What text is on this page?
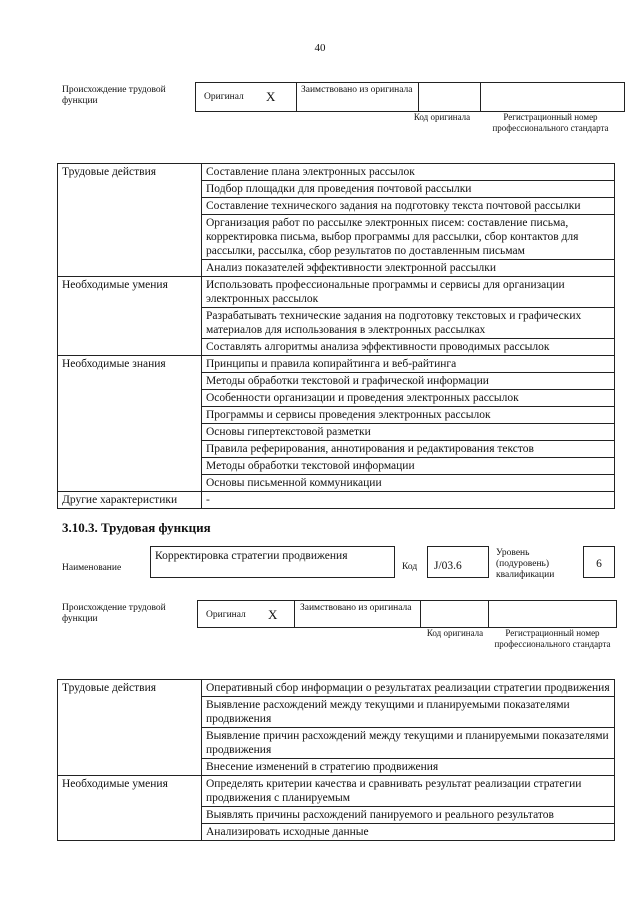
40
Происхождение трудовой функции	Оригинал X	Заимствовано из оригинала
Код оригинала	Регистрационный номер профессионального стандарта
Трудовые действия	Составление плана электронных рассылок
	Подбор площадки для проведения почтовой рассылки
	Составление технического задания на подготовку текста почтовой рассылки
	Организация работ по рассылке электронных писем: составление письма, корректировка письма, выбор программы для рассылки, сбор контактов для рассылки, рассылка, сбор результатов по доставленным письмам
	Анализ показателей эффективности электронной рассылки
Необходимые умения	Использовать профессиональные программы и сервисы для организации электронных рассылок
	Разрабатывать технические задания на подготовку текстовых и графических материалов для использования в электронных рассылках
	Составлять алгоритмы анализа эффективности проводимых рассылок
Необходимые знания	Принципы и правила копирайтинга и веб-райтинга
	Методы обработки текстовой и графической информации
	Особенности организации и проведения электронных рассылок
	Программы и сервисы проведения электронных рассылок
	Основы гипертекстовой разметки
	Правила реферирования, аннотирования и редактирования текстов
	Методы обработки текстовой информации
	Основы письменной коммуникации
Другие характеристики	-
3.10.3. Трудовая функция
Наименование
Корректировка стратегии продвижения
Код	J/03.6
Уровень (подуровень) квалификации
6
Происхождение трудовой функции	Оригинал X Заимствовано из оригинала
Код оригинала	Регистрационный номер профессионального стандарта
Трудовые действия	Оперативный сбор информации о результатах реализации стратегии продвижения
	Выявление расхождений между текущими и планируемыми показателями продвижения
	Выявление причин расхождений между текущими и планируемыми показателями продвижения
	Внесение изменений в стратегию продвижения
Необходимые умения	Определять критерии качества и сравнивать результат реализации стратегии продвижения с планируемым
	Выявлять причины расхождений панируемого и реального результатов
	Анализировать исходные данные
